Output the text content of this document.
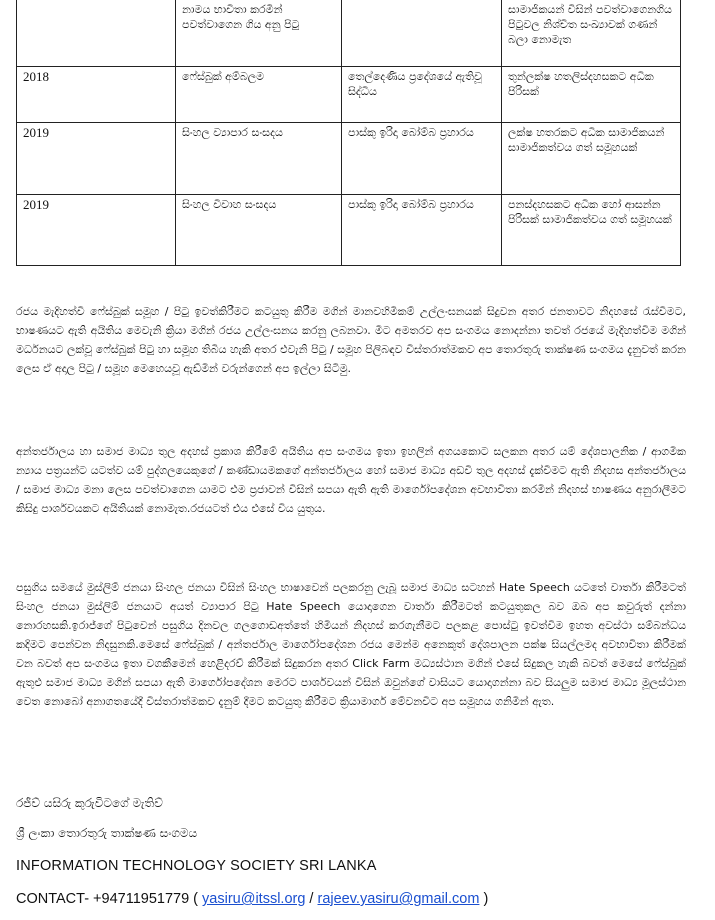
	නාමය භාවිතා කරමින් පවත්වාගෙන ගිය අනු පිටු		සාමාජිකයන් විසින් පවත්වාගෙනගිය පිටුවල නිශ්චිත සංඛ්‍යාවක් ගණන් බලා නොමැත
2018	ෆේස්බුක් අම්බලම	තෙල්දෙණිය ප්‍රදේශයේ ඇතිවූ සිද්ධිය	තුන්ලක්ෂ හතලිස්දහසකට අධික පිරිසක්
2019	සිංහල ව්‍යාපාර සංසදය	පාස්කු ඉරිදා බෝම්බ ප්‍රහාරය	ලක්ෂ හතරකට අධික සාමාජිකයන් සාමාජිකත්වය ගත් සමූහයක්
2019	සිංහල විවාහ සංසදය	පාස්කු ඉරිදා බෝම්බ ප්‍රහාරය	පනස්දහසකට අධික හෝ ආසන්න පිරිසක් සාමාජිකත්වය ගත් සමූහයක්

රජය මැදිහත්වී ෆේස්බුක් සමූහ / පිටු ඉවත්කිරීමට කටයුතු කිරීම මගින් මානවහිමිකම් උල්ලංඝනයක් සිදුවන අතර ජනතාවට නිදහසේ රැස්වීමට, භාෂණයට ඇති අයිතිය මෙවැනි ක්‍රියා මගින් රජය උල්ලංඝනය කරනු ලබනවා. මීට අමතරව අප සංගමය නොදන්නා තවත් රජයේ මැදිහත්වීම මගින් මර්ධනයට ලක්වූ ෆේස්බුක් පිටු හා සමූහ තිබිය හැකි අතර එවැනි පිටු / සමූහ පිලිබඳව විස්තරාත්මකව අප තොරතුරු තාක්ෂණ සංගමය දැනුවත් කරන ලෙස ඒ අදාල පිටු / සමූහ මෙහෙයවූ ඇඩ්මින් වරුන්ගෙන් අප ඉල්ලා සිටිමු.

අන්තර්ජාලය හා සමාජ මාධ්‍ය තුල අදහස් ප්‍රකාශ කිරීමේ අයිතිය අප සංගමය ඉතා ඉහලින් අගයකොට සලකන අතර යම් දේශපාලනික / ආගමික න්‍යාය පත්‍රයන්ට යටත්ව යම් පුද්ගලයෙකුගේ / කණ්ඩායමකගේ අන්තර්ජාලය හෝ සමාජ මාධ්‍ය අඩවි තුල අදහස් දැක්වීමට ඇති නිදහස අන්තර්ජාලය / සමාජ මාධ්‍ය මනා ලෙස පවත්වාගෙන යාමට එම ප්‍රජාවන් විසින් සපයා ඇති ඇති මාර්ගෝපදේශන අවභාවිතා කරමින් නිදහස් භාෂණය අනුරාලීමට කිසිදු පාර්ශවයකට අයිතියක් නොමැත.රජයටත් එය එසේ විය යුතුය.

පසුගිය සමයේ මුස්ලිම් ජනයා සිංහල ජනයා විසින් සිංහල භාෂාවෙන් පලකරනු ලැබූ සමාජ මාධ්‍ය සටහන් Hate Speech යටතේ වාර්තා කිරීමටත් සිංහල ජනයා මුස්ලිම් ජනයාට අයත් ව්‍යාපාර පිටු Hate Speech යොදාගෙන වාර්තා කිරීමටත් කටයුතුකල බව ඔබ අප කවුරුත් දන්නා නොරහසකි.ඉරාජ්ගේ පිටුවෙන් පසුගිය දිනවල ගලගොඩඅත්තේ හිමියන් නිදහස් කරගැනීමට පලකළ පොස්ටු ඉවත්වීම ඉහත අවස්ථා සම්බන්ධය කදිමට පෙන්වන නිදසුනකි.මෙසේ ෆේස්බුක් / අන්තර්ජාල මාර්ගෝපදේශන රජය මෙන්ම අනෙකුත් දේශපාලන පක්ෂ සියල්ලමද අවභාවිතා කිරීමක් වන බවත් අප සංගමය ඉතා වගකීමෙන් හෙළිදරව් කිරීමක් සිදුකරන අතර Click Farm මධ්‍යස්ථාන මගින් එසේ සිදුකල හැකි බවත් මෙසේ ෆේස්බුක් ඇතුළු සමාජ මාධ්‍ය මගින් සපයා ඇති මාර්ගෝපදේශන මෙරට පාර්ශවයන් විසින් ඔවුන්ගේ වාසියට යොදාගන්නා බව සියලුම සමාජ මාධ්‍ය මූලස්ථාන වෙත නොබෝ අනාගතයේදී විස්තරාත්මකව දැනුම් දීමට කටයුතු කිරීමට ක්‍රියාමාර්ග මේවනවිට අප සමූහය ගනිමින් ඇත.

රජීව් යසිරු කුරුවිටගේ මැතිව්

ශ්‍රී ලංකා තොරතුරු තාක්ෂණ සංගමය

INFORMATION TECHNOLOGY SOCIETY SRI LANKA

CONTACT- +94711951779 ( yasiru@itssl.org / rajeev.yasiru@gmail.com )
